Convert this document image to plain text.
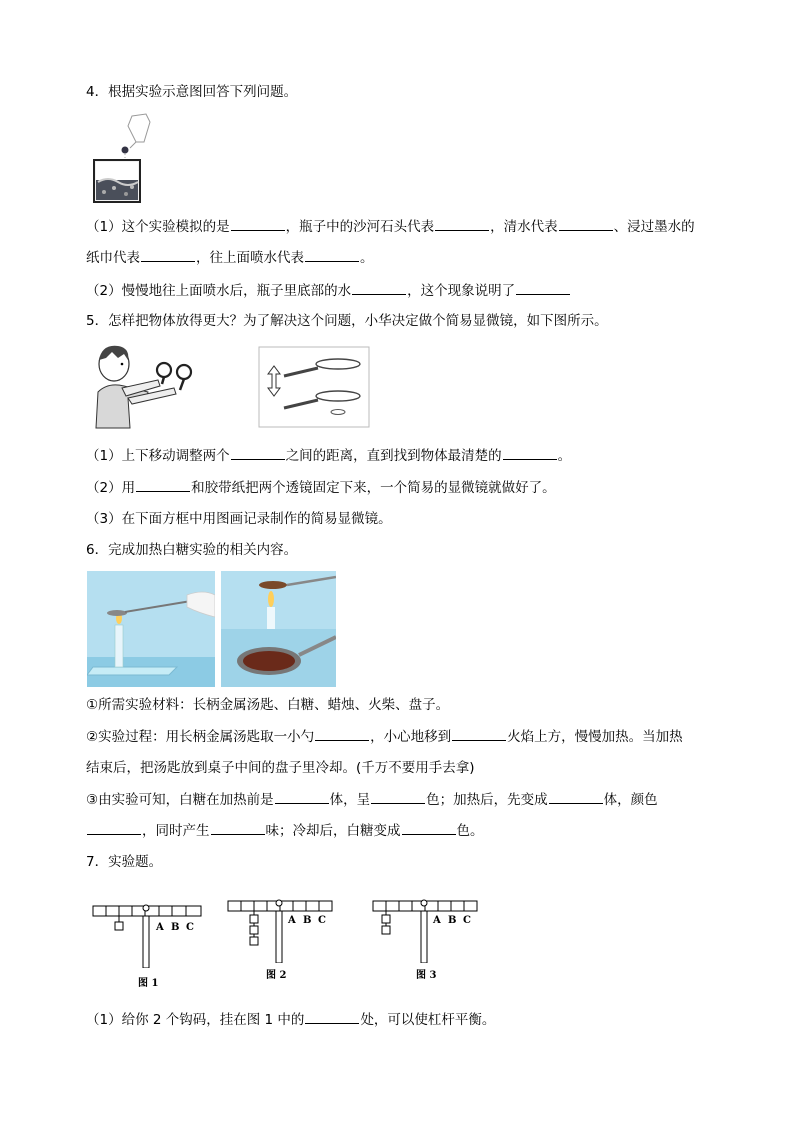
4．根据实验示意图回答下列问题。
（1）这个实验模拟的是	，瓶子中的沙河石头代表	，清水代表	、浸过墨水的
纸巾代表	，往上面喷水代表	。
（2）慢慢地往上面喷水后，瓶子里底部的水	，这个现象说明了
5．怎样把物体放得更大？为了解决这个问题，小华决定做个简易显微镜，如下图所示。
（1）上下移动调整两个	之间的距离，直到找到物体最清楚的	。
（2）用	和胶带纸把两个透镜固定下来，一个简易的显微镜就做好了。
（3）在下面方框中用图画记录制作的简易显微镜。
6．完成加热白糖实验的相关内容。
①所需实验材料：长柄金属汤匙、白糖、蜡烛、火柴、盘子。
②实验过程：用长柄金属汤匙取一小勺	，小心地移到	火焰上方，慢慢加热。当加热
结束后，把汤匙放到桌子中间的盘子里冷却。(千万不要用手去拿)
③由实验可知，白糖在加热前是	体，呈	色；加热后，先变成	体，颜色
，同时产生	味；冷却后，白糖变成	色。
7．实验题。
A B C
图 1
A B C
图 2
A B C
图 3
（1）给你 2 个钩码，挂在图 1 中的	处，可以使杠杆平衡。
